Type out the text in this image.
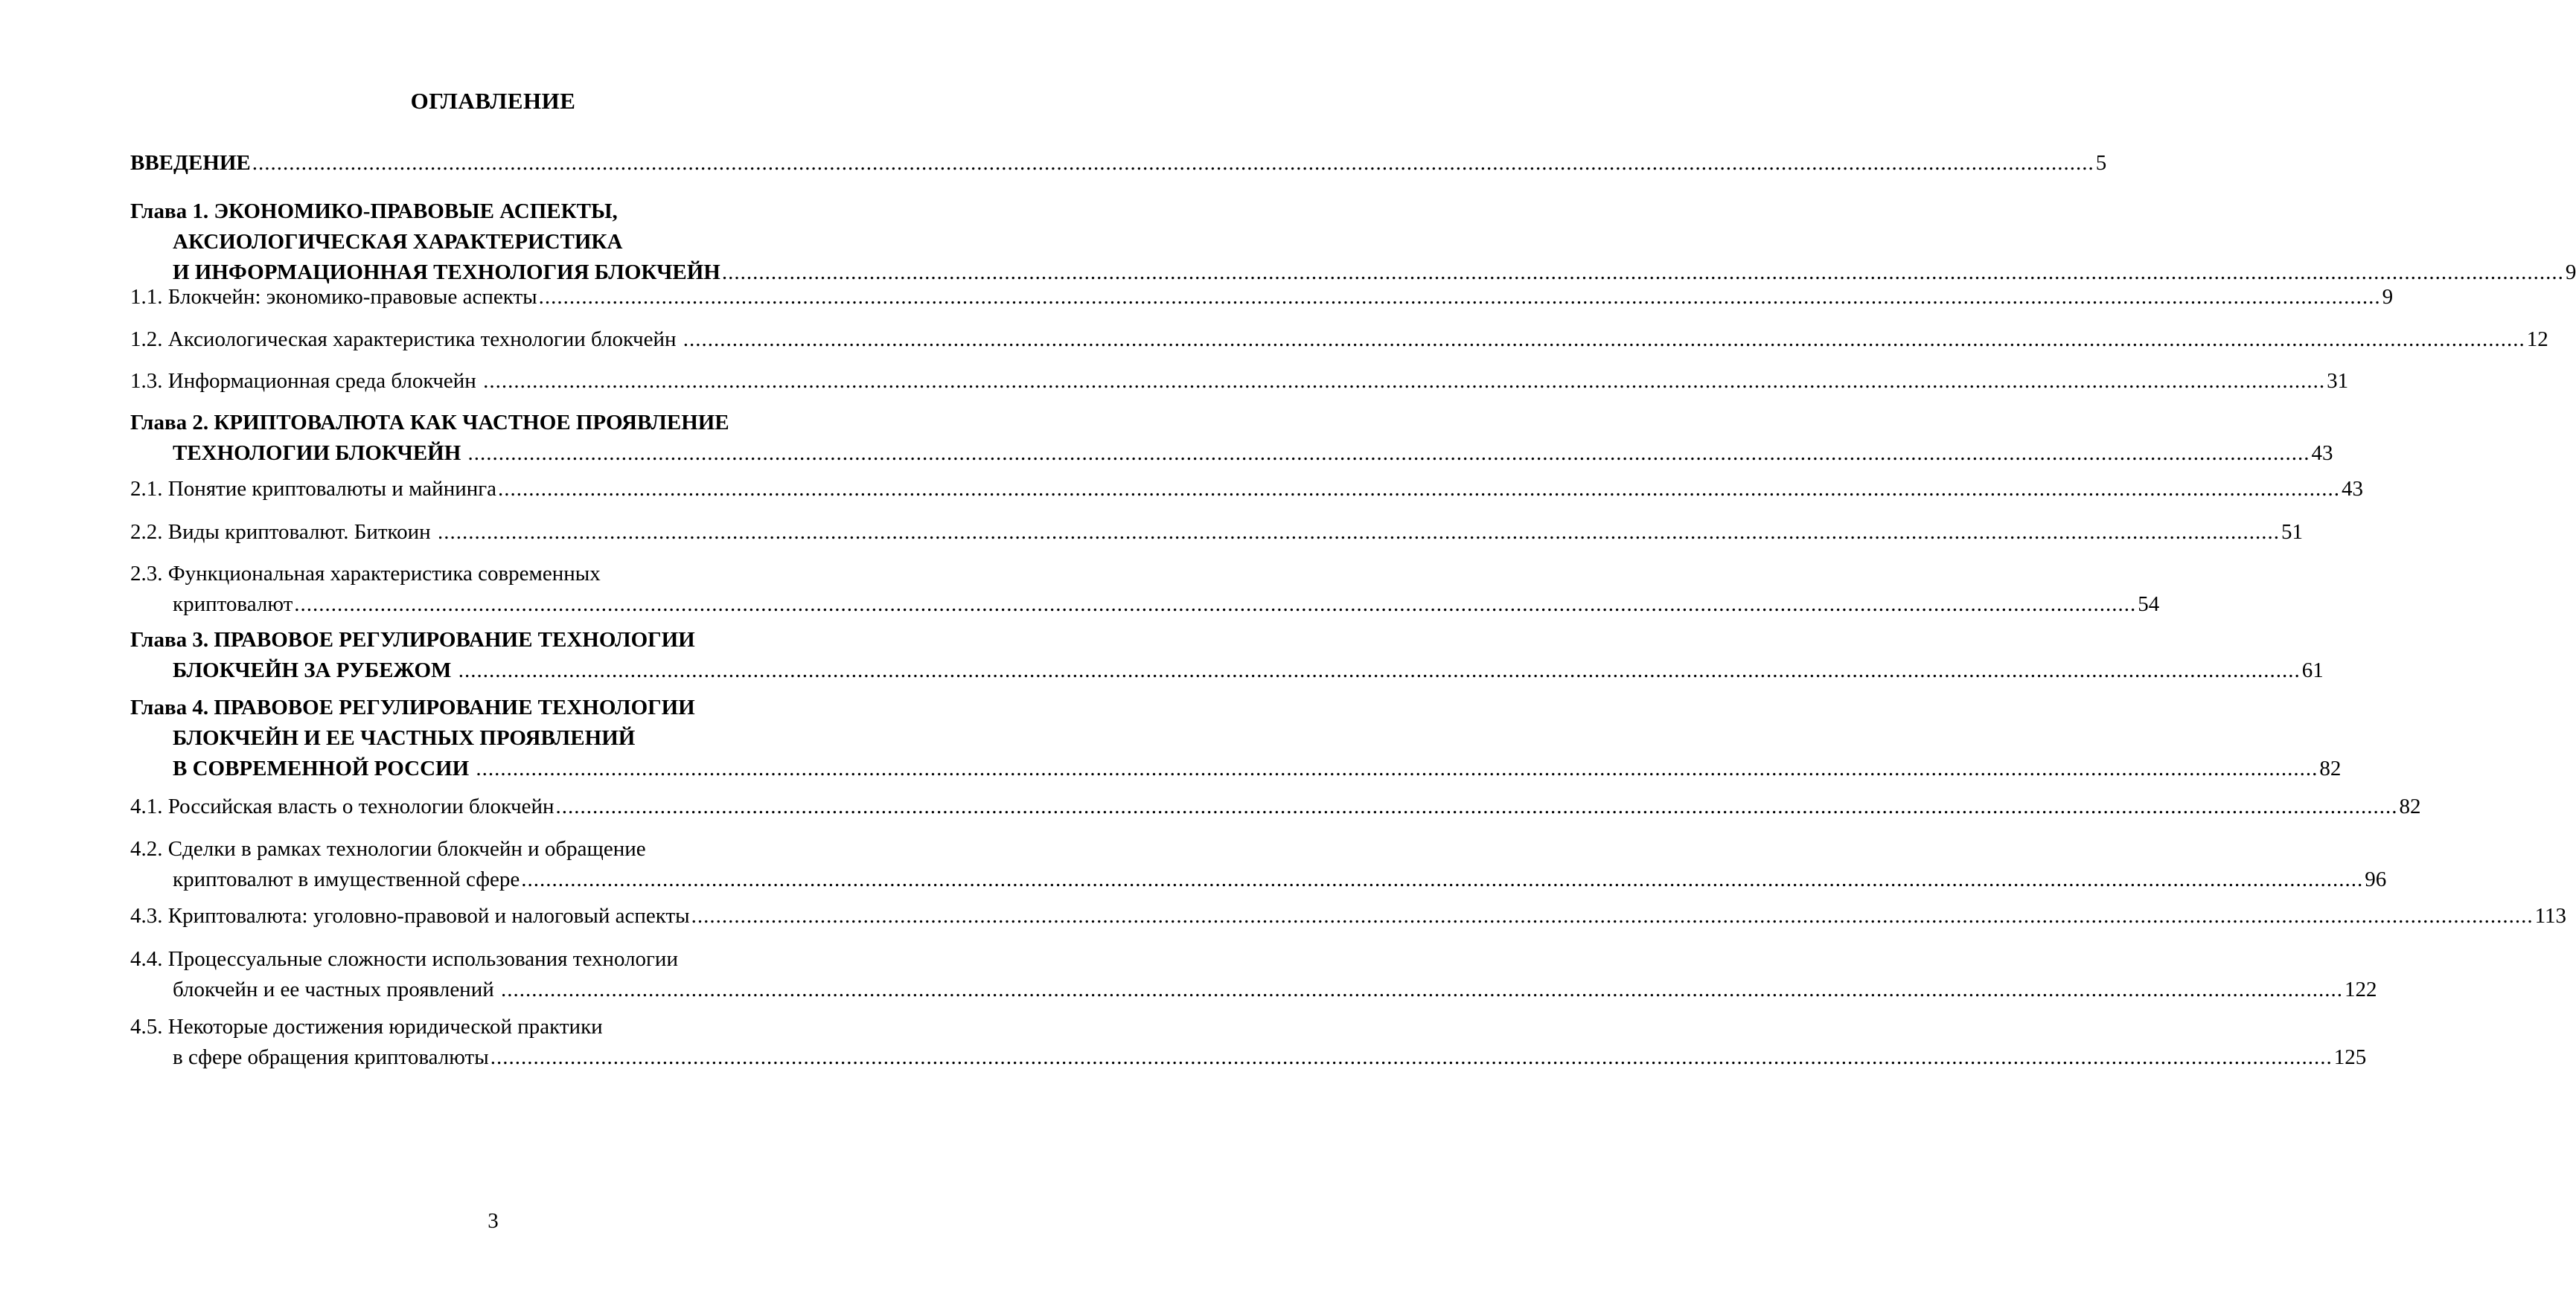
ОГЛАВЛЕНИЕ
ВВЕДЕНИЕ ............................................................................................................................................................................................................................................................................................................ 5
Глава 1. ЭКОНОМИКО-ПРАВОВЫЕ АСПЕКТЫ,
АКСИОЛОГИЧЕСКАЯ ХАРАКТЕРИСТИКА
И ИНФОРМАЦИОННАЯ ТЕХНОЛОГИЯ БЛОКЧЕЙН ............................................................................................................................................................................................................................................................................................................ 9
1.1. Блокчейн: экономико-правовые аспекты ............................................................................................................................................................................................................................................................................................................ 9
1.2. Аксиологическая характеристика технологии блокчейн ............................................................................................................................................................................................................................................................................................................ 12
1.3. Информационная среда блокчейн ............................................................................................................................................................................................................................................................................................................ 31
Глава 2. КРИПТОВАЛЮТА КАК ЧАСТНОЕ ПРОЯВЛЕНИЕ
ТЕХНОЛОГИИ БЛОКЧЕЙН ............................................................................................................................................................................................................................................................................................................ 43
2.1. Понятие криптовалюты и майнинга ............................................................................................................................................................................................................................................................................................................ 43
2.2. Виды криптовалют. Биткоин ............................................................................................................................................................................................................................................................................................................ 51
2.3. Функциональная характеристика современных
криптовалют ............................................................................................................................................................................................................................................................................................................ 54
Глава 3. ПРАВОВОЕ РЕГУЛИРОВАНИЕ ТЕХНОЛОГИИ
БЛОКЧЕЙН ЗА РУБЕЖОМ ............................................................................................................................................................................................................................................................................................................ 61
Глава 4. ПРАВОВОЕ РЕГУЛИРОВАНИЕ ТЕХНОЛОГИИ
БЛОКЧЕЙН И ЕЕ ЧАСТНЫХ ПРОЯВЛЕНИЙ
В СОВРЕМЕННОЙ РОССИИ ............................................................................................................................................................................................................................................................................................................ 82
4.1. Российская власть о технологии блокчейн ............................................................................................................................................................................................................................................................................................................ 82
4.2. Сделки в рамках технологии блокчейн и обращение
криптовалют в имущественной сфере ............................................................................................................................................................................................................................................................................................................ 96
4.3. Криптовалюта: уголовно-правовой и налоговый аспекты ............................................................................................................................................................................................................................................................................................................ 113
4.4. Процессуальные сложности использования технологии
блокчейн и ее частных проявлений ............................................................................................................................................................................................................................................................................................................ 122
4.5. Некоторые достижения юридической практики
в сфере обращения криптовалюты ............................................................................................................................................................................................................................................................................................................ 125
3
